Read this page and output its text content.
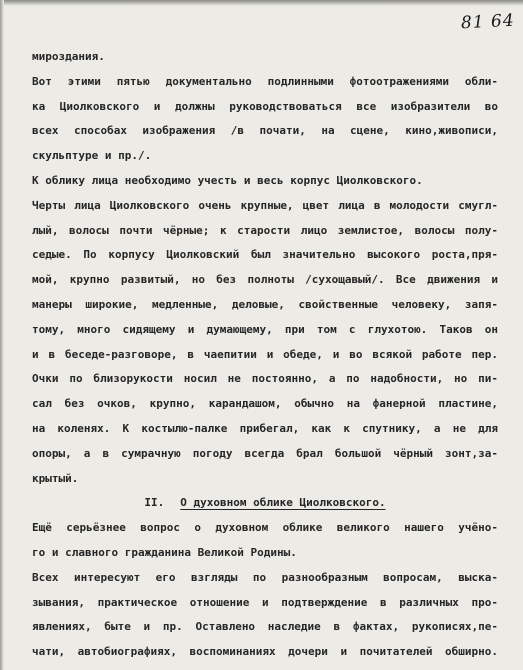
81 64
мироздания.
Вот этими пятью документально подлинными фотоотражениями обли-
ка Циолковского и должны руководствоваться все изобразители во
всех способах изображения /в почати, на сцене, кино,живописи,
скульптуре и пр./.
К облику лица необходимо учесть и весь корпус Циолковского.
Черты лица Циолковского очень крупные, цвет лица в молодости смугл-
лый, волосы почти чёрные; к старости лицо землистое, волосы полу-
седые. По корпусу Циолковский был значительно высокого роста,пря-
мой, крупно развитый, но без полноты /сухощавый/. Все движения и
манеры широкие, медленные, деловые, свойственные человеку, запя-
тому, много сидящему и думающему, при том с глухотою. Таков он
и в беседе-разговоре, в чаепитии и обеде, и во всякой работе пер.
Очки по близорукости носил не постоянно, а по надобности, но пи-
сал без очков, крупно, карандашом, обычно на фанерной пластине,
на коленях. К костылю-палке прибегал, как к спутнику, а не для
опоры, а в сумрачную погоду всегда брал большой чёрный зонт,за-
крытый.
II. О духовном облике Циолковского.
Ещё серьёзнее вопрос о духовном облике великого нашего учёно-
го и славного гражданина Великой Родины.
Всех интересуют его взгляды по разнообразным вопросам, выска-
зывания, практическое отношение и подтверждение в различных про-
явлениях, быте и пр. Оставлено наследие в фактах, рукописях,пе-
чати, автобиографиях, воспоминаниях дочери и почитателей обширно.
